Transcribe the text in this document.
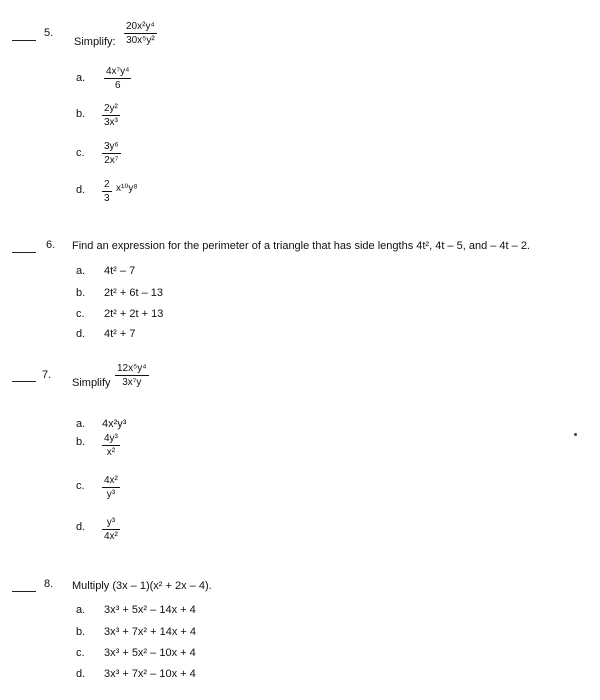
5.
Simplify:
20x²y⁴
30x⁵y²
a.
4x⁷y⁴
6
b. 2y²
3x³
c.
3y⁶
2x⁷
d. 2
3
x¹⁰y⁸
6. Find an expression for the perimeter of a triangle that has side lengths 4t², 4t – 5, and – 4t – 2.
a. 4t² – 7
b. 2t² + 6t – 13
c. 2t² + 2t + 13
d. 4t² + 7
7.
Simplify
12x⁵y⁴
3x⁷y
a. 4x²y³
b. 4y³
x²
c. 4x²
y³
d. y³
4x²
8. Multiply (3x – 1)(x² + 2x – 4).
a. 3x³ + 5x² – 14x + 4
b. 3x³ + 7x² + 14x + 4
c. 3x³ + 5x² – 10x + 4
d. 3x³ + 7x² – 10x + 4
